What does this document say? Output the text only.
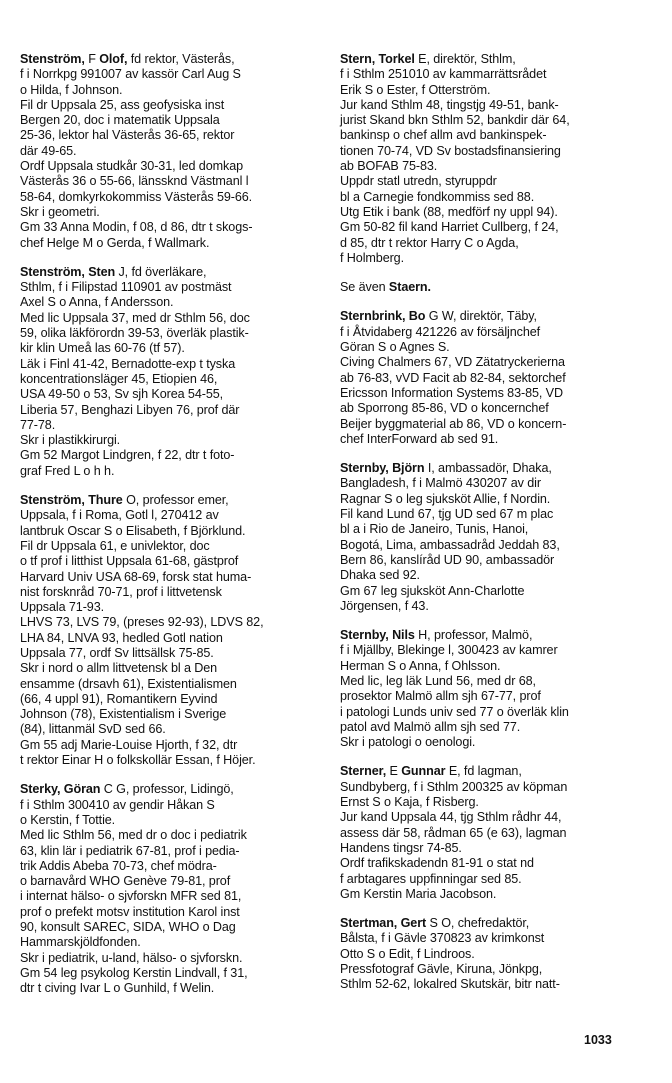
Stenström, F Olof, fd rektor, Västerås,
f i Norrkpg 991007 av kassör Carl Aug S
o Hilda, f Johnson.
Fil dr Uppsala 25, ass geofysiska inst
Bergen 20, doc i matematik Uppsala
25-36, lektor hal Västerås 36-65, rektor
där 49-65.
Ordf Uppsala studkår 30-31, led domkap
Västerås 36 o 55-66, länssknd Västmanl l
58-64, domkyrkokommiss Västerås 59-66.
Skr i geometri.
Gm 33 Anna Modin, f 08, d 86, dtr t skogs-
chef Helge M o Gerda, f Wallmark.
Stenström, Sten J, fd överläkare,
Sthlm, f i Filipstad 110901 av postmäst
Axel S o Anna, f Andersson.
Med lic Uppsala 37, med dr Sthlm 56, doc
59, olika läkförordn 39-53, överläk plastik-
kir klin Umeå las 60-76 (tf 57).
Läk i Finl 41-42, Bernadotte-exp t tyska
koncentrationsläger 45, Etiopien 46,
USA 49-50 o 53, Sv sjh Korea 54-55,
Liberia 57, Benghazi Libyen 76, prof där
77-78.
Skr i plastikkirurgi.
Gm 52 Margot Lindgren, f 22, dtr t foto-
graf Fred L o h h.
Stenström, Thure O, professor emer,
Uppsala, f i Roma, Gotl l, 270412 av
lantbruk Oscar S o Elisabeth, f Björklund.
Fil dr Uppsala 61, e univlektor, doc
o tf prof i litthist Uppsala 61-68, gästprof
Harvard Univ USA 68-69, forsk stat huma-
nist forsknråd 70-71, prof i littvetensk
Uppsala 71-93.
LHVS 73, LVS 79, (preses 92-93), LDVS 82,
LHA 84, LNVA 93, hedled Gotl nation
Uppsala 77, ordf Sv littsällsk 75-85.
Skr i nord o allm littvetensk bl a Den
ensamme (drsavh 61), Existentialismen
(66, 4 uppl 91), Romantikern Eyvind
Johnson (78), Existentialism i Sverige
(84), littanmäl SvD sed 66.
Gm 55 adj Marie-Louise Hjorth, f 32, dtr
t rektor Einar H o folkskollär Essan, f Höjer.
Sterky, Göran C G, professor, Lidingö,
f i Sthlm 300410 av gendir Håkan S
o Kerstin, f Tottie.
Med lic Sthlm 56, med dr o doc i pediatrik
63, klin lär i pediatrik 67-81, prof i pedia-
trik Addis Abeba 70-73, chef mödra-
o barnavård WHO Genève 79-81, prof
i internat hälso- o sjvforskn MFR sed 81,
prof o prefekt motsv institution Karol inst
90, konsult SAREC, SIDA, WHO o Dag
Hammarskjöldfonden.
Skr i pediatrik, u-land, hälso- o sjvforskn.
Gm 54 leg psykolog Kerstin Lindvall, f 31,
dtr t civing Ivar L o Gunhild, f Welin.
Stern, Torkel E, direktör, Sthlm,
f i Sthlm 251010 av kammarrättsrådet
Erik S o Ester, f Otterström.
Jur kand Sthlm 48, tingstjg 49-51, bank-
jurist Skand bkn Sthlm 52, bankdir där 64,
bankinsp o chef allm avd bankinspek-
tionen 70-74, VD Sv bostadsfinansiering
ab BOFAB 75-83.
Uppdr statl utredn, styruppdr
bl a Carnegie fondkommiss sed 88.
Utg Etik i bank (88, medförf ny uppl 94).
Gm 50-82 fil kand Harriet Cullberg, f 24,
d 85, dtr t rektor Harry C o Agda,
f Holmberg.
Se även Staern.
Sternbrink, Bo G W, direktör, Täby,
f i Åtvidaberg 421226 av försäljnchef
Göran S o Agnes S.
Civing Chalmers 67, VD Zätatryckerierna
ab 76-83, vVD Facit ab 82-84, sektorchef
Ericsson Information Systems 83-85, VD
ab Sporrong 85-86, VD o koncernchef
Beijer byggmaterial ab 86, VD o koncern-
chef InterForward ab sed 91.
Sternby, Björn I, ambassadör, Dhaka,
Bangladesh, f i Malmö 430207 av dir
Ragnar S o leg sjuksköt Allie, f Nordin.
Fil kand Lund 67, tjg UD sed 67 m plac
bl a i Rio de Janeiro, Tunis, Hanoi,
Bogotá, Lima, ambassadråd Jeddah 83,
Bern 86, kanslíråd UD 90, ambassadör
Dhaka sed 92.
Gm 67 leg sjuksköt Ann-Charlotte
Jörgensen, f 43.
Sternby, Nils H, professor, Malmö,
f i Mjällby, Blekinge l, 300423 av kamrer
Herman S o Anna, f Ohlsson.
Med lic, leg läk Lund 56, med dr 68,
prosektor Malmö allm sjh 67-77, prof
i patologi Lunds univ sed 77 o överläk klin
patol avd Malmö allm sjh sed 77.
Skr i patologi o oenologi.
Sterner, E Gunnar E, fd lagman,
Sundbyberg, f i Sthlm 200325 av köpman
Ernst S o Kaja, f Risberg.
Jur kand Uppsala 44, tjg Sthlm rådhr 44,
assess där 58, rådman 65 (e 63), lagman
Handens tingsr 74-85.
Ordf trafikskadendn 81-91 o stat nd
f arbtagares uppfinningar sed 85.
Gm Kerstin Maria Jacobson.
Stertman, Gert S O, chefredaktör,
Bålsta, f i Gävle 370823 av krimkonst
Otto S o Edit, f Lindroos.
Pressfotograf Gävle, Kiruna, Jönkpg,
Sthlm 52-62, lokalred Skutskär, bitr natt-
1033
